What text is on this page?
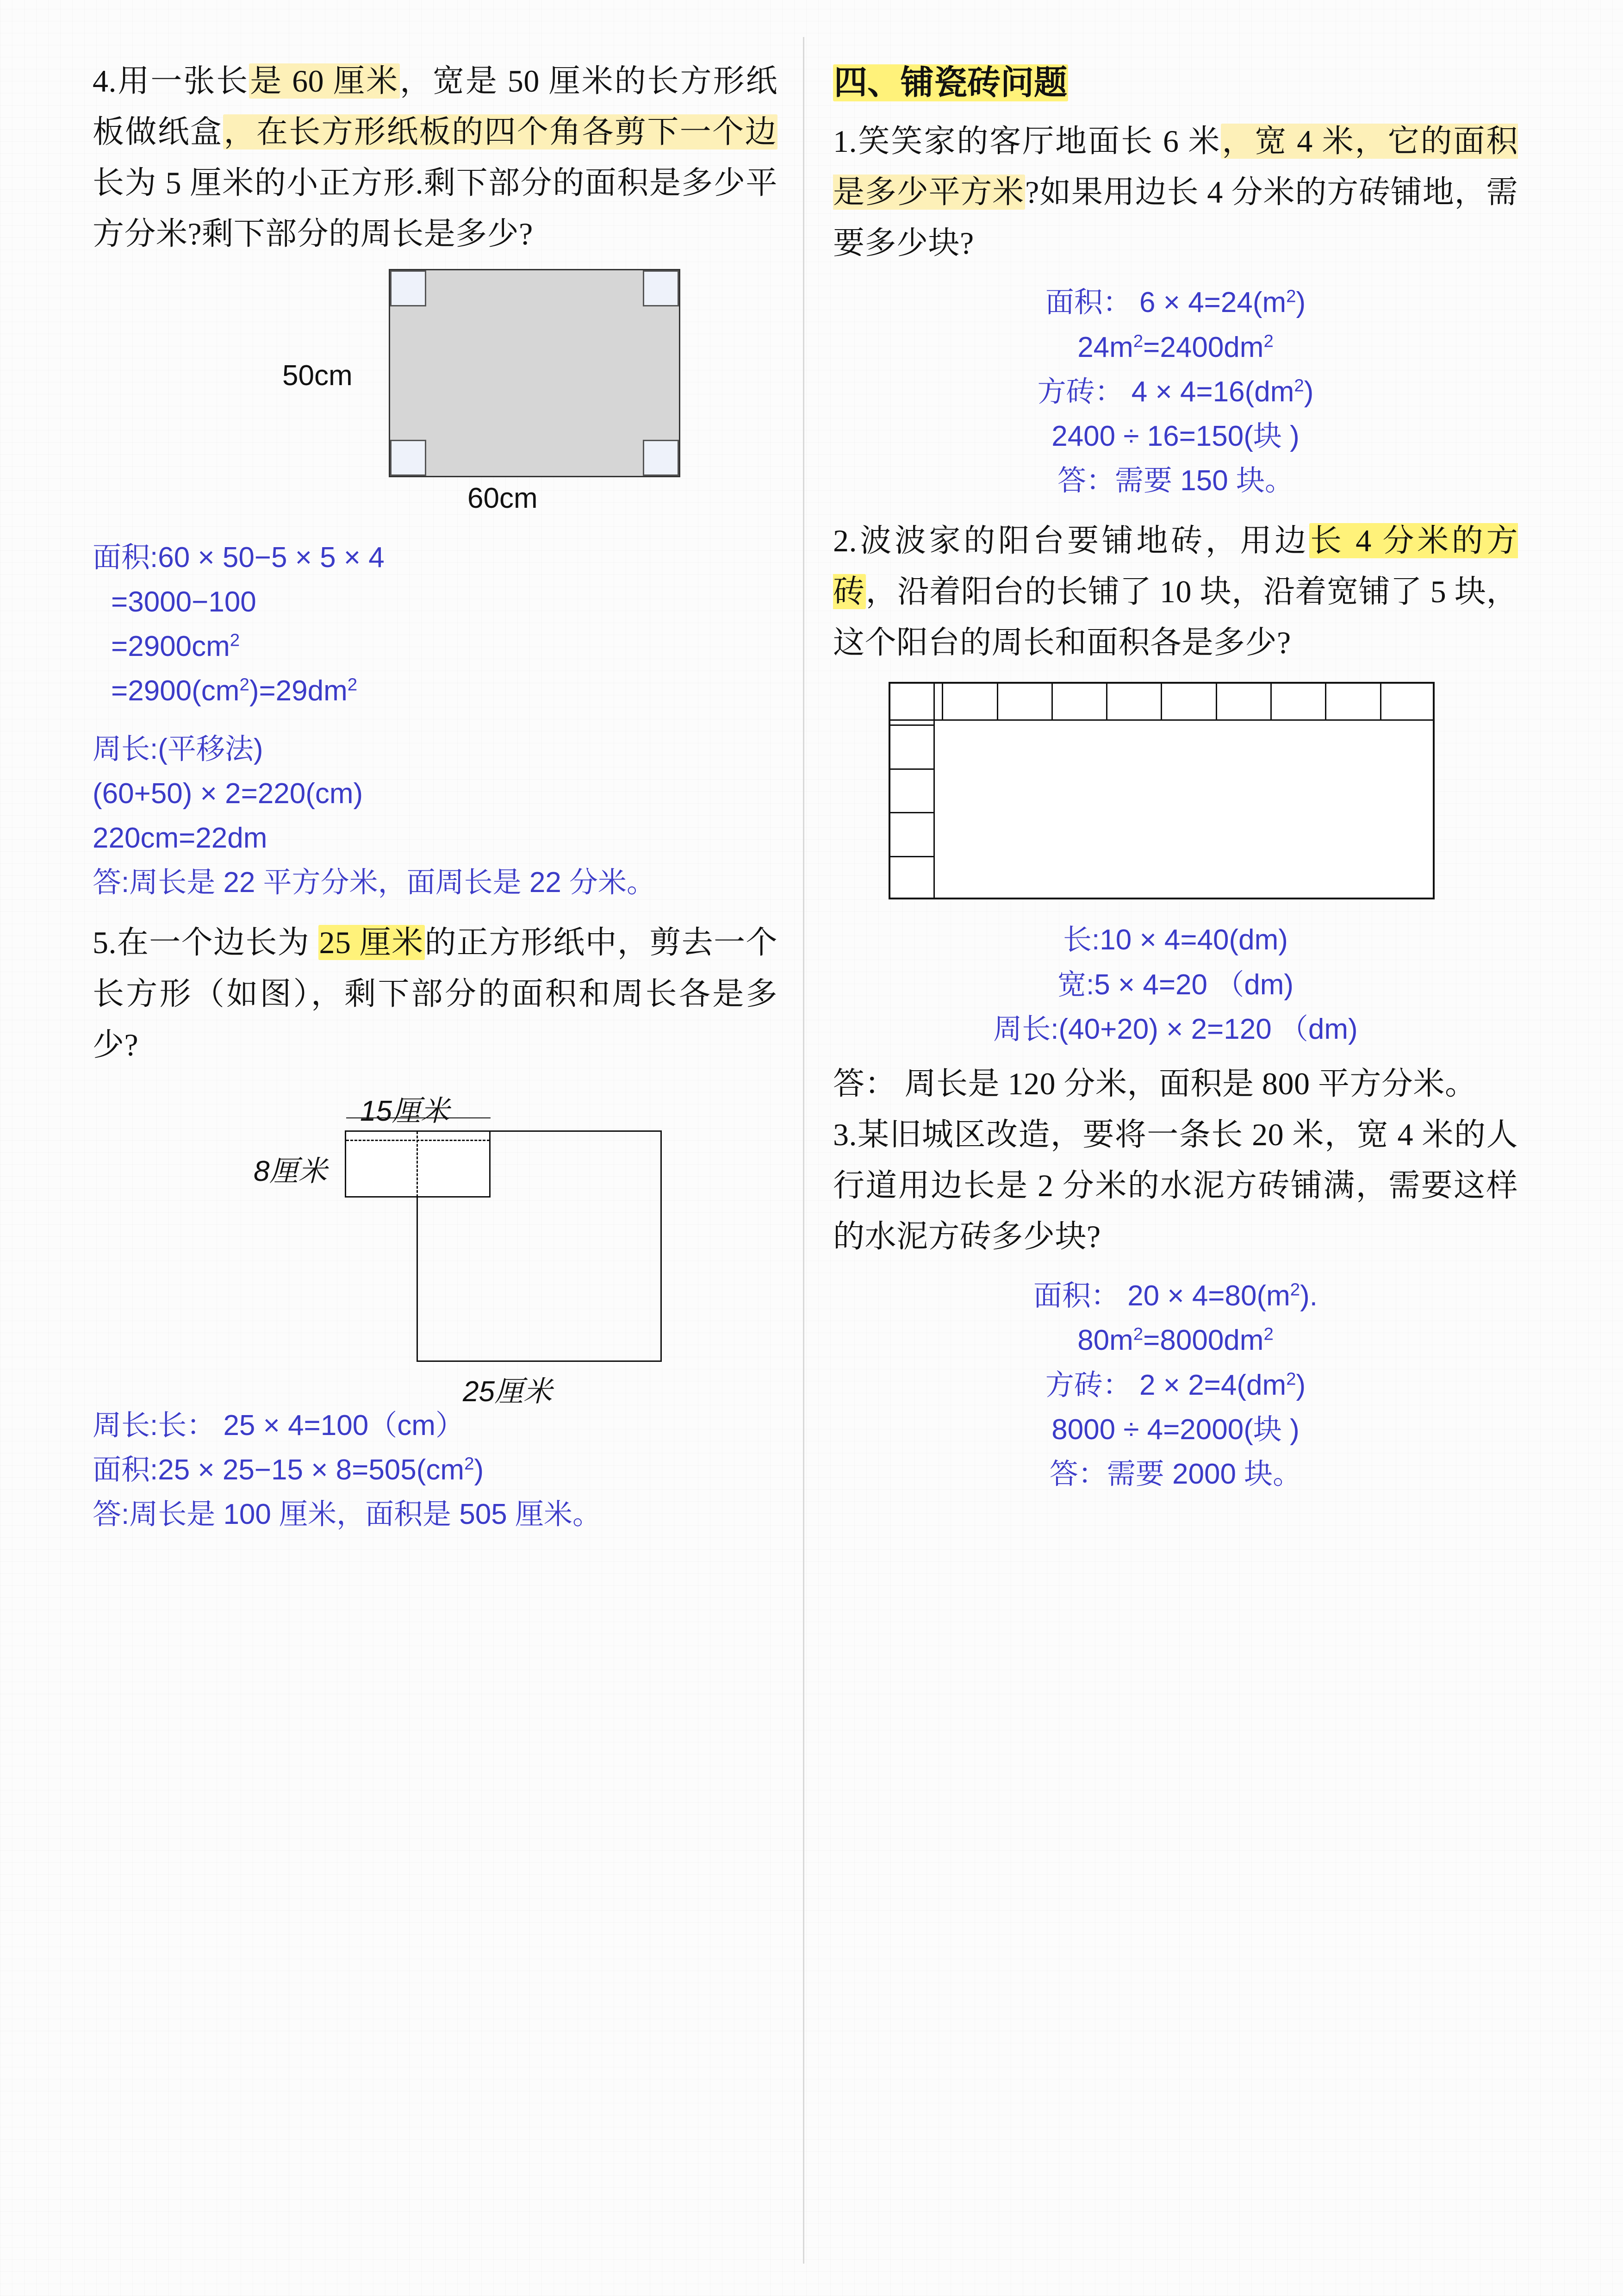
4.用一张长是 60 厘米，宽是 50 厘米的长方形纸板做纸盒，在长方形纸板的四个角各剪下一个边长为 5 厘米的小正方形.剩下部分的面积是多少平方分米?剩下部分的周长是多少?
50cm
60cm
面积:60 × 50−5 × 5 × 4
=3000−100
$=2900cm^2$
$=2900(cm^2)=29dm^2$
周长:(平移法)
(60+50) × 2=220(cm)
220cm=22dm
答:周长是 22 平方分米，面周长是 22 分米。
5.在一个边长为 25 厘米的正方形纸中，剪去一个长方形（如图），剩下部分的面积和周长各是多少?
15厘米
8厘米
25厘米
周长:长： 25 × 4=100（cm）
面积:25 × $25-15 \times 8=505(cm^2)$
答:周长是 100 厘米，面积是 505 厘米。
四、铺瓷砖问题
1.笑笑家的客厅地面长 6 米，宽 4 米，它的面积是多少平方米?如果用边长 4 分米的方砖铺地，需要多少块?
面积： $6 \times 4=24(m^2)$
$24m^2=2400dm^2$
方砖： $4 \times 4=16(dm^2)$
2400 ÷ 16=150(块 )
答：需要 150 块。
2.波波家的阳台要铺地砖，用边长 4 分米的方砖，沿着阳台的长铺了 10 块，沿着宽铺了 5 块，这个阳台的周长和面积各是多少?
长:10 × 4=40(dm)
宽:5 × 4=20 （dm)
周长:(40+20) × 2=120 （dm)
答： 周长是 120 分米，面积是 800 平方分米。
3.某旧城区改造，要将一条长 20 米，宽 4 米的人行道用边长是 2 分米的水泥方砖铺满，需要这样的水泥方砖多少块?
面积： $20 \times 4=80(m^2)$.
$80m^2=8000dm^2$
方砖： $2 \times 2=4(dm^2)$
8000 ÷ 4=2000(块 )
答：需要 2000 块。
